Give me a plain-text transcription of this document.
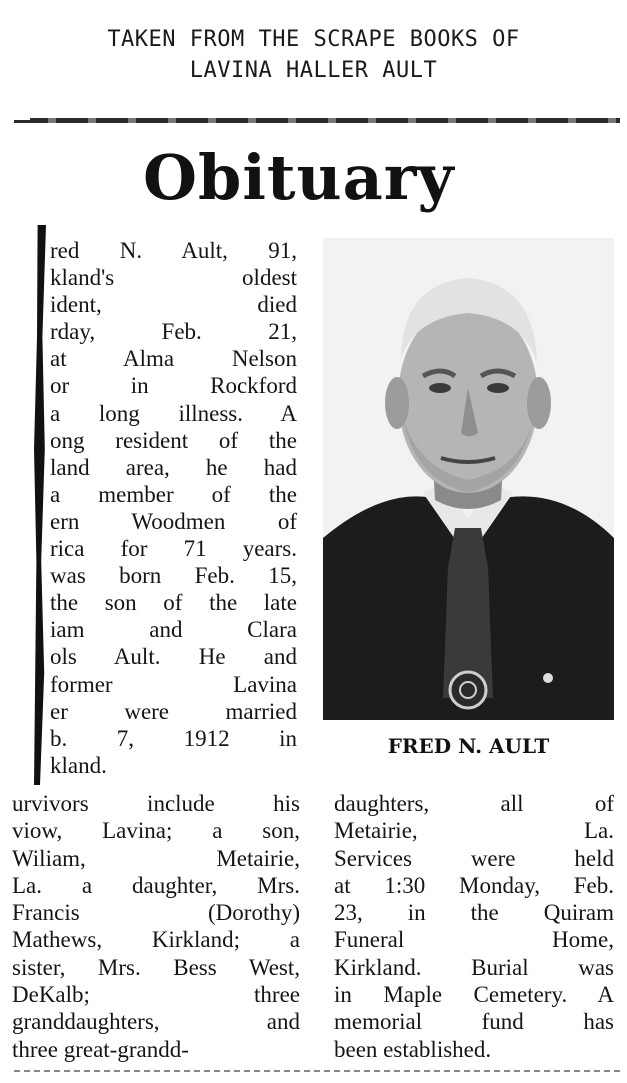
TAKEN FROM THE SCRAPE BOOKS OF
LAVINA HALLER AULT
Obituary
red N. Ault, 91,
kland's oldest
ident, died
rday, Feb. 21,
at Alma Nelson
or in Rockford
a long illness. A
ong resident of the
land area, he had
a member of the
ern Woodmen of
rica for 71 years.
was born Feb. 15,
the son of the late
iam and Clara
ols Ault. He and
former Lavina
er were married
b. 7, 1912 in
kland.
FRED N. AULT
urvivors include his
viow, Lavina; a son,
Wiliam, Metairie,
La. a daughter, Mrs.
Francis (Dorothy)
Mathews, Kirkland; a
sister, Mrs. Bess West,
DeKalb; three
granddaughters, and
three great-grandd-
daughters, all of
Metairie, La.
Services were held
at 1:30 Monday, Feb.
23, in the Quiram
Funeral Home,
Kirkland. Burial was
in Maple Cemetery. A
memorial fund has
been established.
